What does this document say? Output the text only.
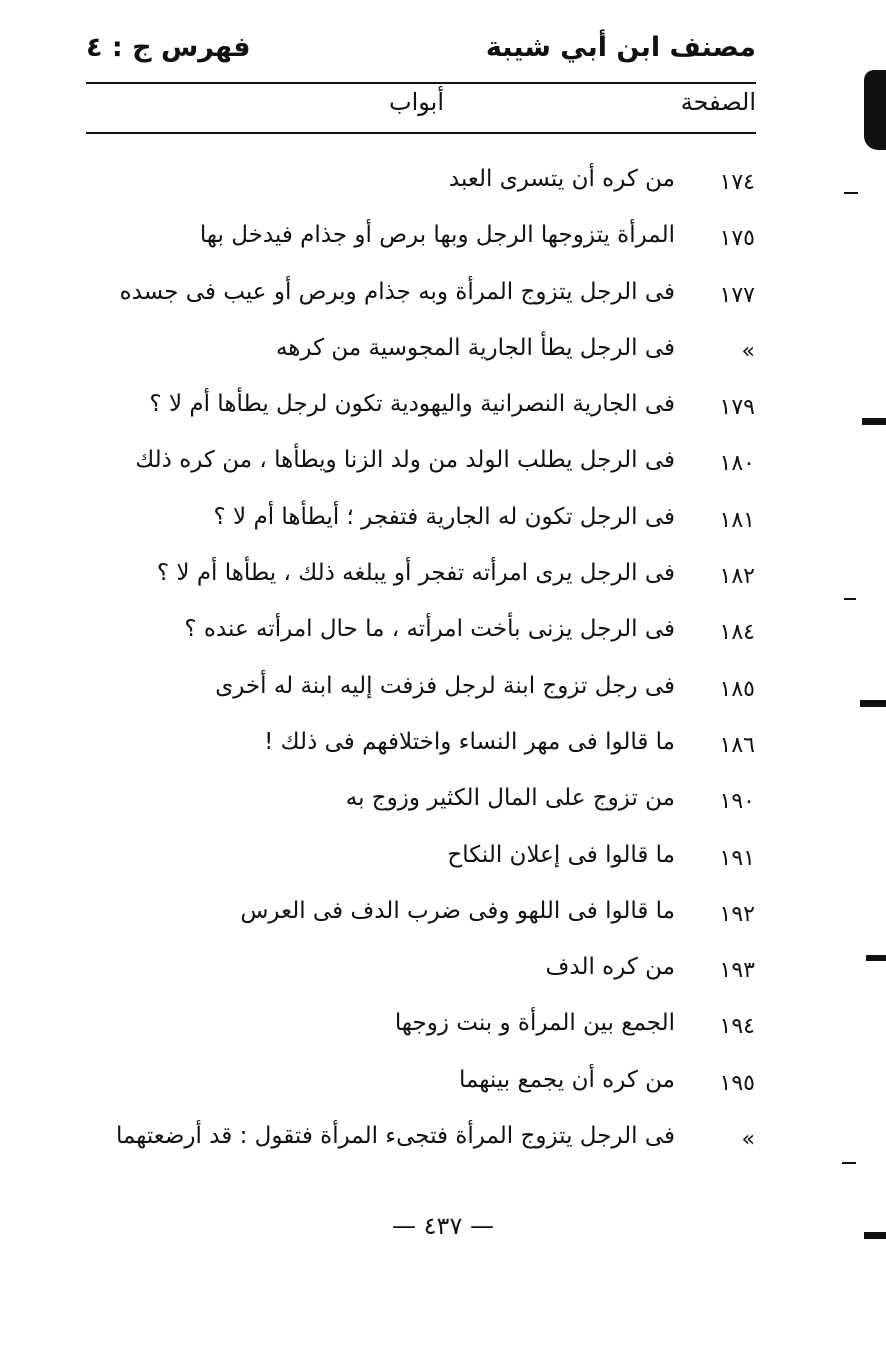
مصنف ابن أبي شيبة
فهرس ج : ٤
الصفحة
أبواب
١٧٤
من كره أن يتسرى العبد
١٧٥
المرأة يتزوجها الرجل وبها برص أو جذام فيدخل بها
١٧٧
فى الرجل يتزوج المرأة وبه جذام وبرص أو عيب فى جسده
»
فى الرجل يطأ الجارية المجوسية من كرهه
١٧٩
فى الجارية النصرانية واليهودية تكون لرجل يطأها أم لا ؟
١٨٠
فى الرجل يطلب الولد من ولد الزنا ويطأها ، من كره ذلك
١٨١
فى الرجل تكون له الجارية فتفجر ؛ أيطأها أم لا ؟
١٨٢
فى الرجل يرى امرأته تفجر أو يبلغه ذلك ، يطأها أم لا ؟
١٨٤
فى الرجل يزنى بأخت امرأته ، ما حال امرأته عنده ؟
١٨٥
فى رجل تزوج ابنة لرجل فزفت إليه ابنة له أخرى
١٨٦
ما قالوا فى مهر النساء واختلافهم فى ذلك !
١٩٠
من تزوج على المال الكثير وزوج به
١٩١
ما قالوا فى إعلان النكاح
١٩٢
ما قالوا فى اللهو وفى ضرب الدف فى العرس
١٩٣
من كره الدف
١٩٤
الجمع بين المرأة و بنت زوجها
١٩٥
من كره أن يجمع بينهما
»
فى الرجل يتزوج المرأة فتجىء المرأة فتقول : قد أرضعتهما
— ٤٣٧ —
